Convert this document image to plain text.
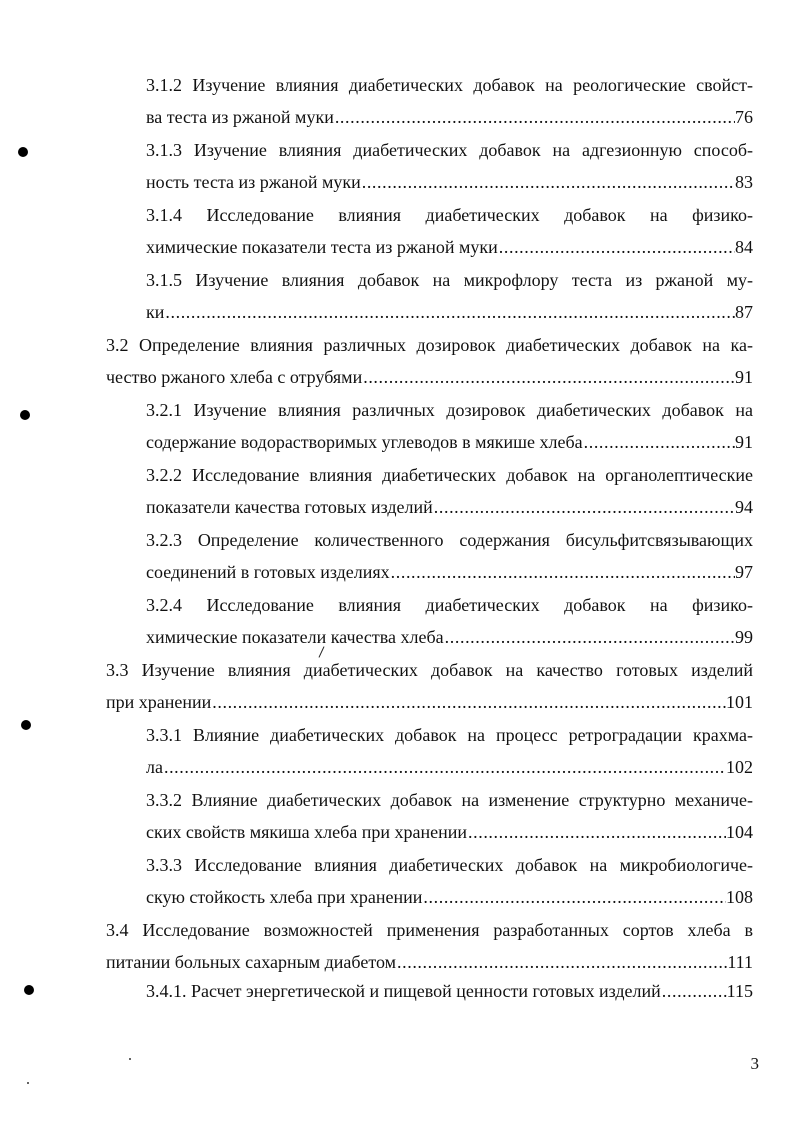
3.1.2 Изучение влияния диабетических добавок на реологические свойст-
ва теста из ржаной муки .....	76
3.1.3 Изучение влияния диабетических добавок на адгезионную способ-
ность теста из ржаной муки .....	83
3.1.4 Исследование влияния диабетических добавок на физико-
химические показатели теста из ржаной муки .....	84
3.1.5 Изучение влияния добавок на микрофлору теста из ржаной му-
ки .....	87
3.2 Определение влияния различных дозировок диабетических добавок на ка-
чество ржаного хлеба с отрубями .....	91
3.2.1 Изучение влияния различных дозировок диабетических добавок на
содержание водорастворимых углеводов в мякише хлеба .....	91
3.2.2 Исследование влияния диабетических добавок на органолептические
показатели качества готовых изделий .....	94
3.2.3 Определение количественного содержания бисульфитсвязывающих
соединений в готовых изделиях .....	97
3.2.4 Исследование влияния диабетических добавок на физико-
химические показатели качества хлеба .....	99
3.3 Изучение влияния диабетических добавок на качество готовых изделий
при хранении .....	101
3.3.1 Влияние диабетических добавок на процесс ретроградации крахма-
ла .....	102
3.3.2 Влияние диабетических добавок на изменение структурно механиче-
ских свойств мякиша хлеба при хранении .....	104
3.3.3 Исследование влияния диабетических добавок на микробиологиче-
скую стойкость хлеба при хранении .....	108
3.4 Исследование возможностей применения разработанных сортов хлеба в
питании больных сахарным диабетом .....	111
3.4.1. Расчет энергетической и пищевой ценности готовых изделий .....	115
3
